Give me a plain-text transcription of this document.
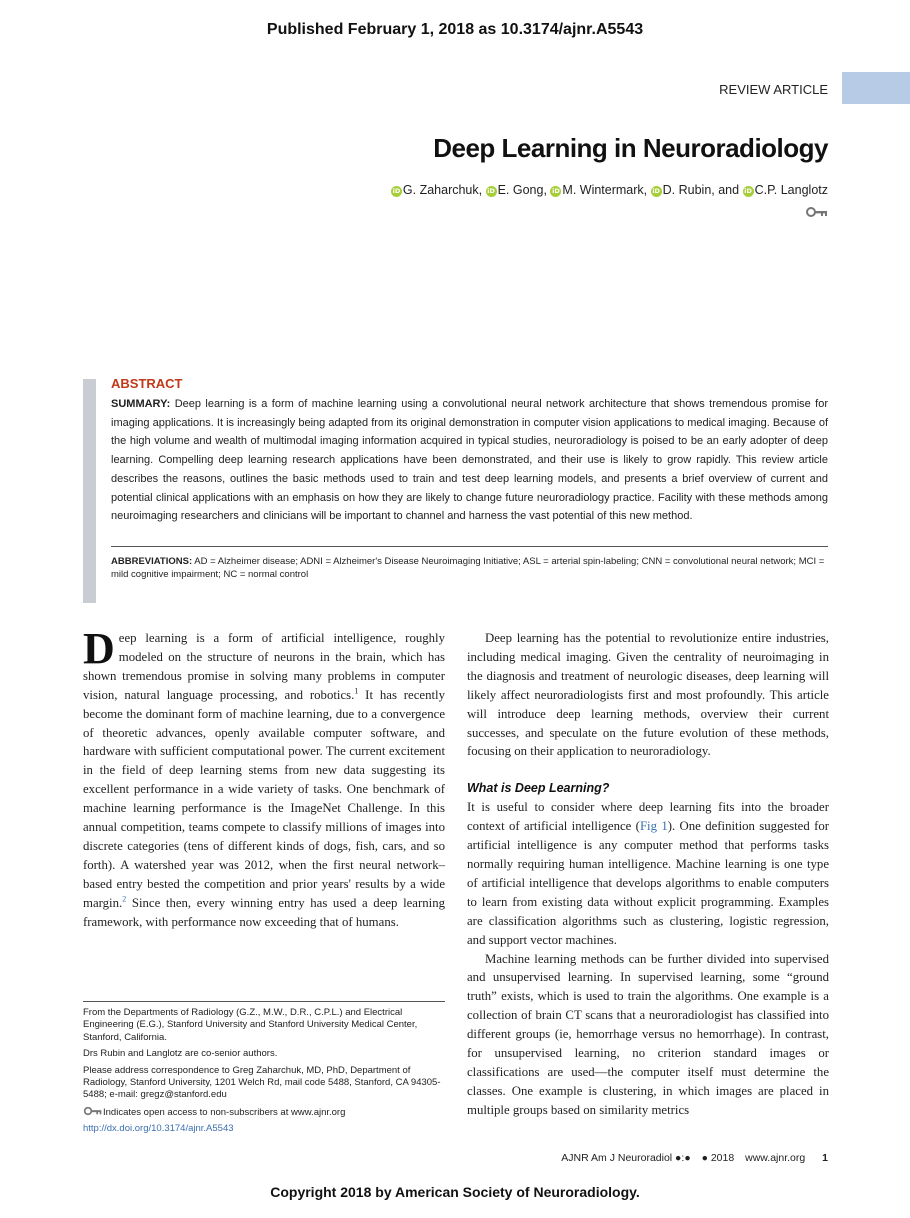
Published February 1, 2018 as 10.3174/ajnr.A5543
REVIEW ARTICLE
Deep Learning in Neuroradiology
iD G. Zaharchuk, iD E. Gong, iD M. Wintermark, iD D. Rubin, and iD C.P. Langlotz
ABSTRACT

SUMMARY: Deep learning is a form of machine learning using a convolutional neural network architecture that shows tremendous promise for imaging applications. It is increasingly being adapted from its original demonstration in computer vision applications to medical imaging. Because of the high volume and wealth of multimodal imaging information acquired in typical studies, neuroradiology is poised to be an early adopter of deep learning. Compelling deep learning research applications have been demonstrated, and their use is likely to grow rapidly. This review article describes the reasons, outlines the basic methods used to train and test deep learning models, and presents a brief overview of current and potential clinical applications with an emphasis on how they are likely to change future neuroradiology practice. Facility with these methods among neuroimaging researchers and clinicians will be important to channel and harness the vast potential of this new method.

ABBREVIATIONS: AD = Alzheimer disease; ADNI = Alzheimer's Disease Neuroimaging Initiative; ASL = arterial spin-labeling; CNN = convolutional neural network; MCI = mild cognitive impairment; NC = normal control

Deep learning is a form of artificial intelligence, roughly modeled on the structure of neurons in the brain, which has shown tremendous promise in solving many problems in computer vision, natural language processing, and robotics.$^1$ It has recently become the dominant form of machine learning, due to a convergence of theoretic advances, openly available computer software, and hardware with sufficient computational power. The current excitement in the field of deep learning stems from new data suggesting its excellent performance in a wide variety of tasks. One benchmark of machine learning performance is the ImageNet Challenge. In this annual competition, teams compete to classify millions of images into discrete categories (tens of different kinds of dogs, fish, cars, and so forth). A watershed year was 2012, when the first neural network–based entry bested the competition and prior years' results by a wide margin.$^2$ Since then, every winning entry has used a deep learning framework, with performance now exceeding that of humans.

Deep learning has the potential to revolutionize entire industries, including medical imaging. Given the centrality of neuroimaging in the diagnosis and treatment of neurologic diseases, deep learning will likely affect neuroradiologists first and most profoundly. This article will introduce deep learning methods, overview their current successes, and speculate on the future evolution of these methods, focusing on their application to neuroradiology.

What is Deep Learning?

It is useful to consider where deep learning fits into the broader context of artificial intelligence (Fig 1). One definition suggested for artificial intelligence is any computer method that performs tasks normally requiring human intelligence. Machine learning is one type of artificial intelligence that develops algorithms to enable computers to learn from existing data without explicit programming. Examples are classification algorithms such as clustering, logistic regression, and support vector machines.

Machine learning methods can be further divided into supervised and unsupervised learning. In supervised learning, some “ground truth” exists, which is used to train the algorithms. One example is a collection of brain CT scans that a neuroradiologist has classified into different groups (ie, hemorrhage versus no hemorrhage). In contrast, for unsupervised learning, no criterion standard images or classifications are used—the computer itself must determine the classes. One example is clustering, in which images are placed in multiple groups based on similarity metrics

From the Departments of Radiology (G.Z., M.W., D.R., C.P.L.) and Electrical Engineering (E.G.), Stanford University and Stanford University Medical Center, Stanford, California.

Drs Rubin and Langlotz are co-senior authors.

Please address correspondence to Greg Zaharchuk, MD, PhD, Department of Radiology, Stanford University, 1201 Welch Rd, mail code 5488, Stanford, CA 94305-5488; e-mail: gregz@stanford.edu

Indicates open access to non-subscribers at www.ajnr.org

http://dx.doi.org/10.3174/ajnr.A5543

AJNR Am J Neuroradiol ●:● ● 2018 www.ajnr.org 1
Copyright 2018 by American Society of Neuroradiology.
